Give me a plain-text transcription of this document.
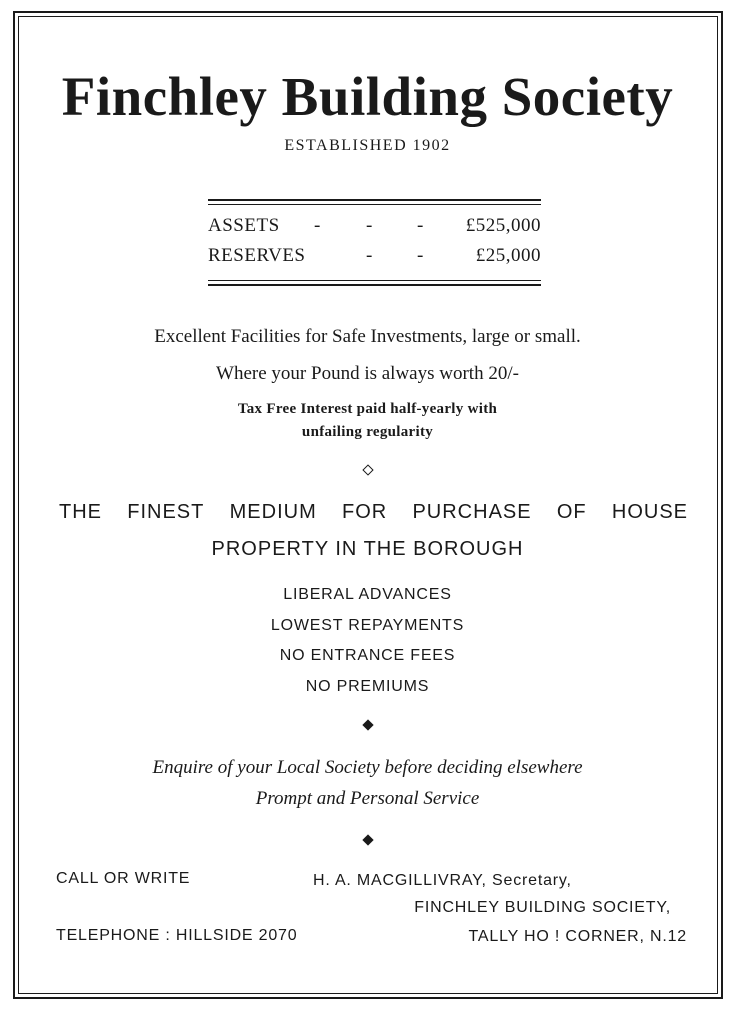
Finchley Building Society
ESTABLISHED 1902
ASSETS - - - £525,000
RESERVES	- -	£25,000
Excellent Facilities for Safe Investments, large or small.
Where your Pound is always worth 20/-
Tax Free Interest paid half-yearly with
unfailing regularity
THE FINEST MEDIUM FOR PURCHASE OF HOUSE
PROPERTY IN THE BOROUGH
LIBERAL ADVANCES
LOWEST REPAYMENTS
NO ENTRANCE FEES
NO PREMIUMS
Enquire of your Local Society before deciding elsewhere
Prompt and Personal Service
CALL OR WRITE
TELEPHONE : HILLSIDE 2070
H. A. MACGILLIVRAY, Secretary,
FINCHLEY BUILDING SOCIETY,
TALLY HO ! CORNER, N.12
